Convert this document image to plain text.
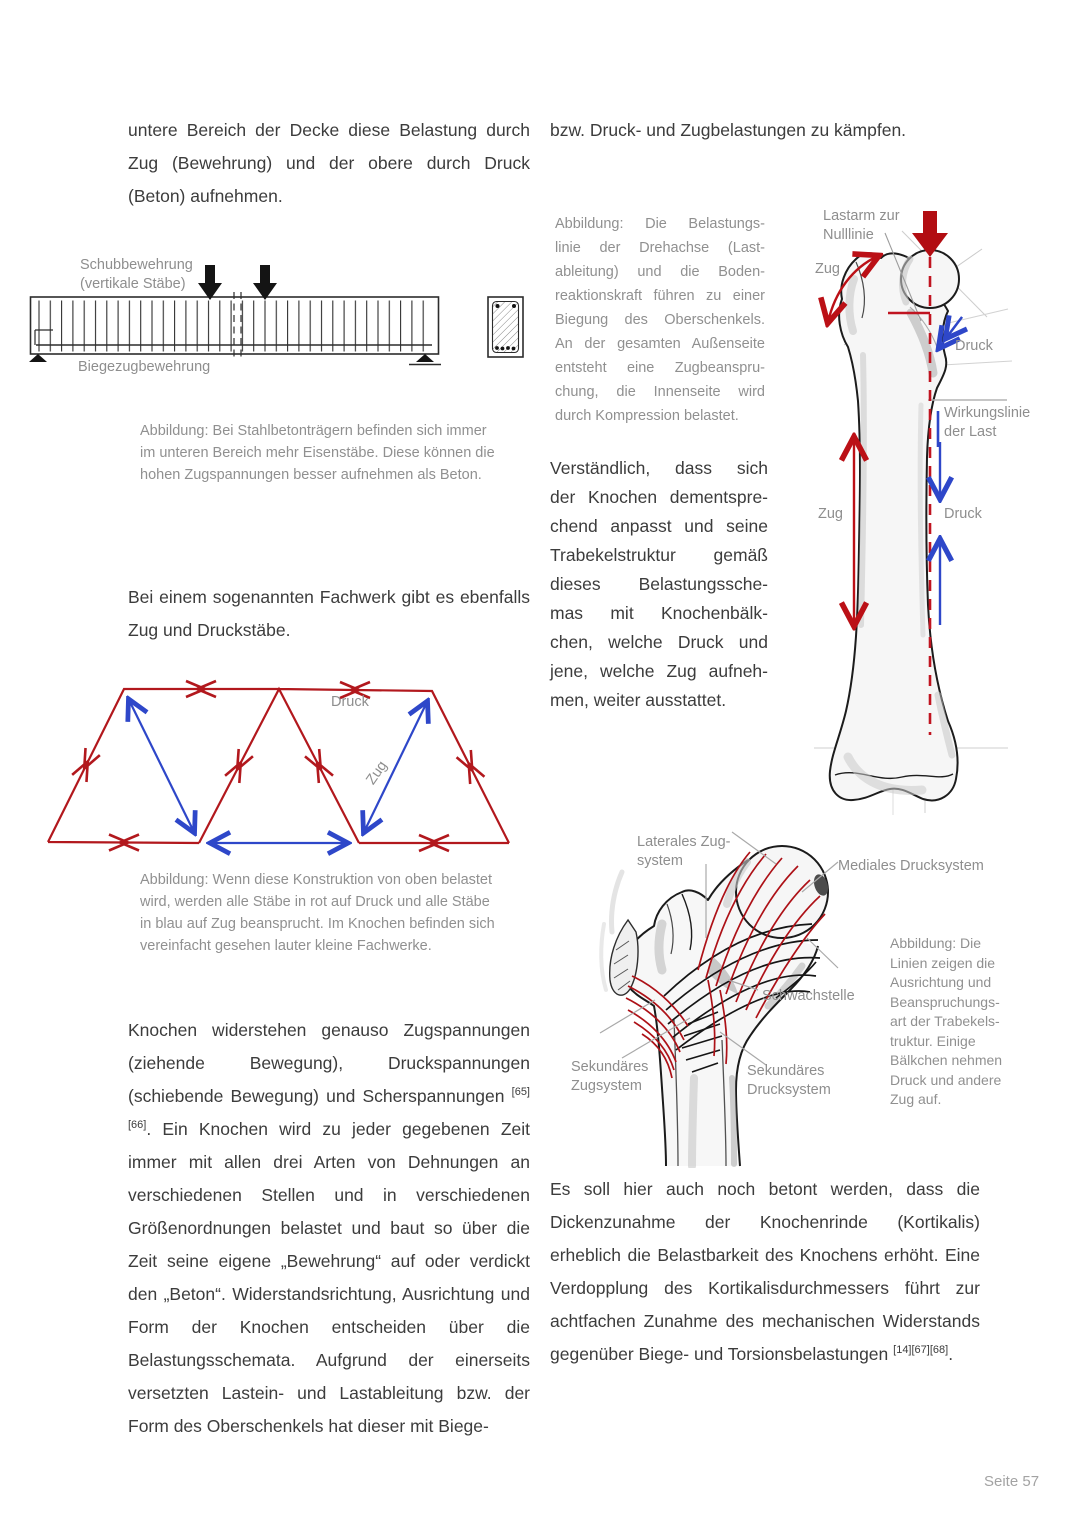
untere Bereich der Decke diese Belastung durch Zug (Bewehrung) und der obere durch Druck (Beton) aufnehmen.
Schubbewehrung
(vertikale Stäbe)
Biegezugbewehrung
Abbildung: Bei Stahlbetonträgern befinden sich immer
im unteren Bereich mehr Eisenstäbe. Diese können die
hohen Zugspannungen besser aufnehmen als Beton.
Bei einem sogenannten Fachwerk gibt es ebenfalls Zug und Druckstäbe.
Druck
Zug
Abbildung: Wenn diese Konstruktion von oben belastet
wird, werden alle Stäbe in rot auf Druck und alle Stäbe
in blau auf Zug beansprucht. Im Knochen befinden sich
vereinfacht gesehen lauter kleine Fachwerke.
Knochen widerstehen genauso Zugspannungen (ziehende Bewegung), Druckspannungen (schiebende Bewegung) und Scherspannungen [65][66]. Ein Knochen wird zu jeder gegebenen Zeit immer mit allen drei Arten von Dehnungen an verschiedenen Stellen und in verschiedenen Größenordnungen belastet und baut so über die Zeit seine eigene „Bewehrung“ auf oder verdickt den „Beton“. Widerstandsrichtung, Ausrichtung und Form der Knochen entscheiden über die Belastungsschemata. Aufgrund der einerseits versetzten Lastein- und Lastableitung bzw. der Form des Oberschenkels hat dieser mit Biege-
bzw. Druck- und Zugbelastungen zu kämpfen.
Abbildung: Die Belastungs-
linie der Drehachse (Last-
ableitung) und die Boden-
reaktionskraft führen zu einer
Biegung des Oberschenkels.
An der gesamten Außenseite
entsteht eine Zugbeanspru-
chung, die Innenseite wird
durch Kompression belastet.
Lastarm zur
Nulllinie
Zug
Druck
Wirkungslinie
der Last
Zug	Druck
Verständlich, dass sich
der Knochen dementspre-
chend anpasst und seine
Trabekelstruktur gemäß
dieses Belastungssche-
mas mit Knochenbälk-
chen, welche Druck und
jene, welche Zug aufneh-
men, weiter ausstattet.
Laterales Zug-
system	Mediales Drucksystem
Schwachstelle
Sekundäres
Zugsystem
Sekundäres
Drucksystem
Abbildung: Die
Linien zeigen die
Ausrichtung und
Beanspruchungs-
art der Trabekels-
truktur. Einige
Bälkchen nehmen
Druck und andere
Zug auf.
Es soll hier auch noch betont werden, dass die Dickenzunahme der Knochenrinde (Kortikalis) erheblich die Belastbarkeit des Knochens erhöht. Eine Verdopplung des Kortikalisdurchmessers führt zur achtfachen Zunahme des mechanischen Widerstands gegenüber Biege- und Torsionsbelastungen [14][67][68].
Seite 57
